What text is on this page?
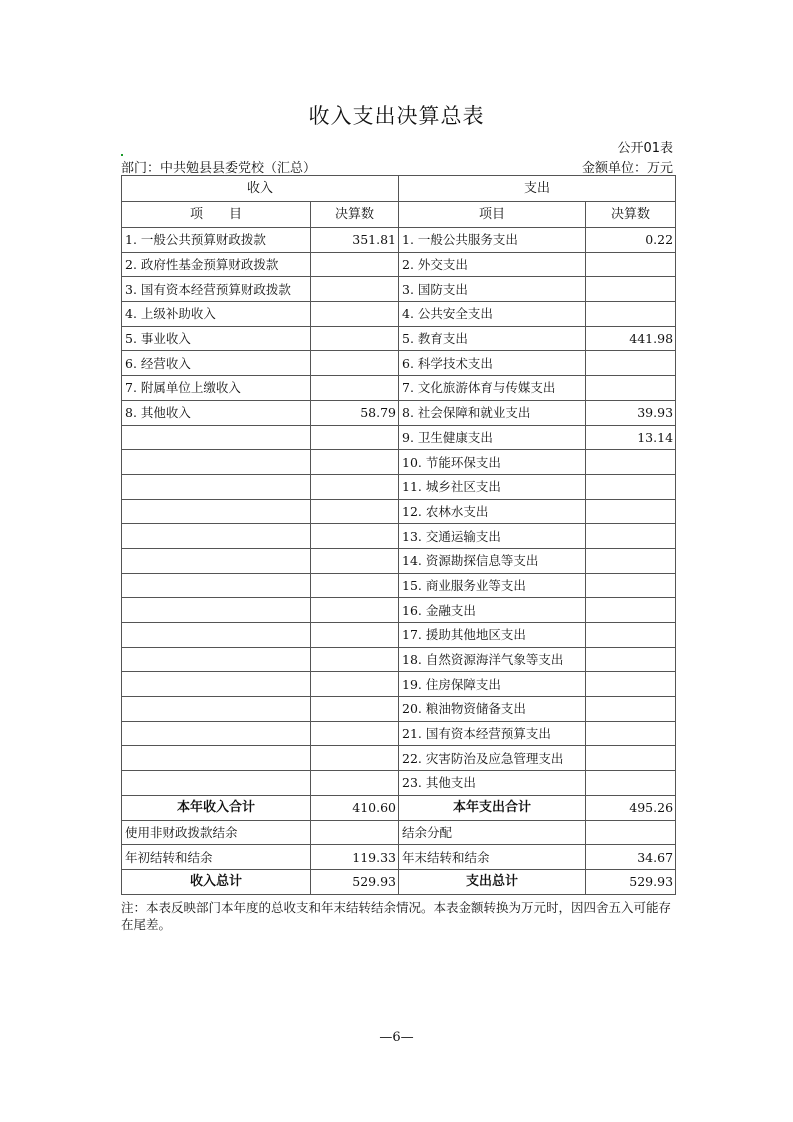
收入支出决算总表
公开01表
部门：中共勉县县委党校（汇总）	金额单位：万元
收入		支出	
项　　目	决算数	项目	决算数
1. 一般公共预算财政拨款	351.81	1. 一般公共服务支出	0.22
2. 政府性基金预算财政拨款		2. 外交支出	
3. 国有资本经营预算财政拨款		3. 国防支出	
4. 上级补助收入		4. 公共安全支出	
5. 事业收入		5. 教育支出	441.98
6. 经营收入		6. 科学技术支出	
7. 附属单位上缴收入		7. 文化旅游体育与传媒支出	
8. 其他收入	58.79	8. 社会保障和就业支出	39.93
		9. 卫生健康支出	13.14
		10. 节能环保支出	
		11. 城乡社区支出	
		12. 农林水支出	
		13. 交通运输支出	
		14. 资源勘探信息等支出	
		15. 商业服务业等支出	
		16. 金融支出	
		17. 援助其他地区支出	
		18. 自然资源海洋气象等支出	
		19. 住房保障支出	
		20. 粮油物资储备支出	
		21. 国有资本经营预算支出	
		22. 灾害防治及应急管理支出	
		23. 其他支出	
本年收入合计	410.60	本年支出合计	495.26
使用非财政拨款结余		结余分配	
年初结转和结余	119.33	年末结转和结余	34.67
收入总计	529.93	支出总计	529.93
注：本表反映部门本年度的总收支和年末结转结余情况。本表金额转换为万元时，因四舍五入可能存在尾差。
—6—
